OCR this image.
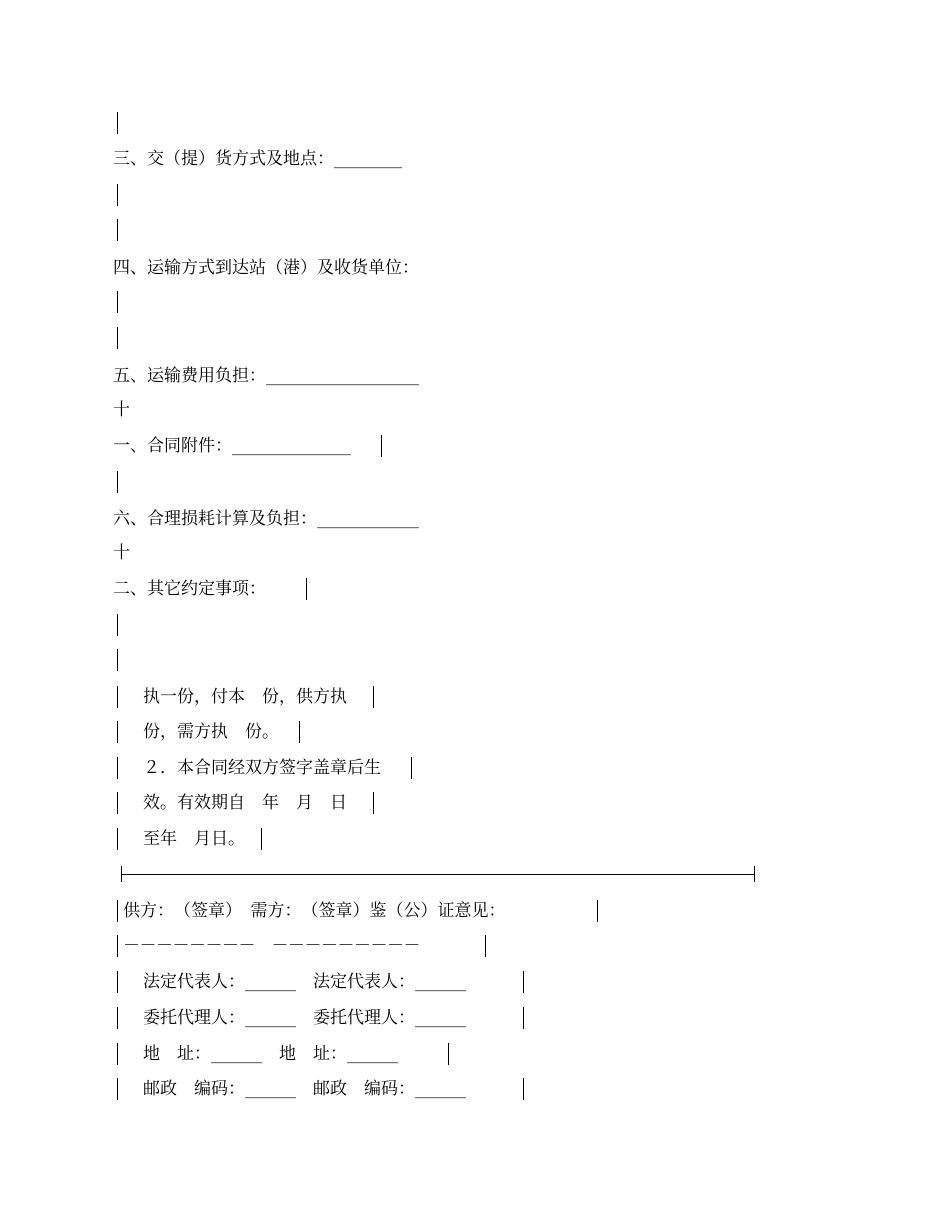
三、交（提）货方式及地点：________
四、运输方式到达站（港）及收货单位：
五、运输费用负担：__________________
十
一、合同附件：______________
六、合理损耗计算及负担：____________
十
二、其它约定事项：
执一份，付本　份，供方执
份，需方执　份。
２．本合同经双方签字盖章后生
效。有效期自　年　月　日
至年　月日。
供方：　（签章）　需方：　（签章）鉴（公）证意见：
－－－－－－－－　－－－－－－－－－
法定代表人：______　法定代表人：______
委托代理人：______　委托代理人：______
地　址：______　地　址：______
邮政　编码：______　邮政　编码：______
